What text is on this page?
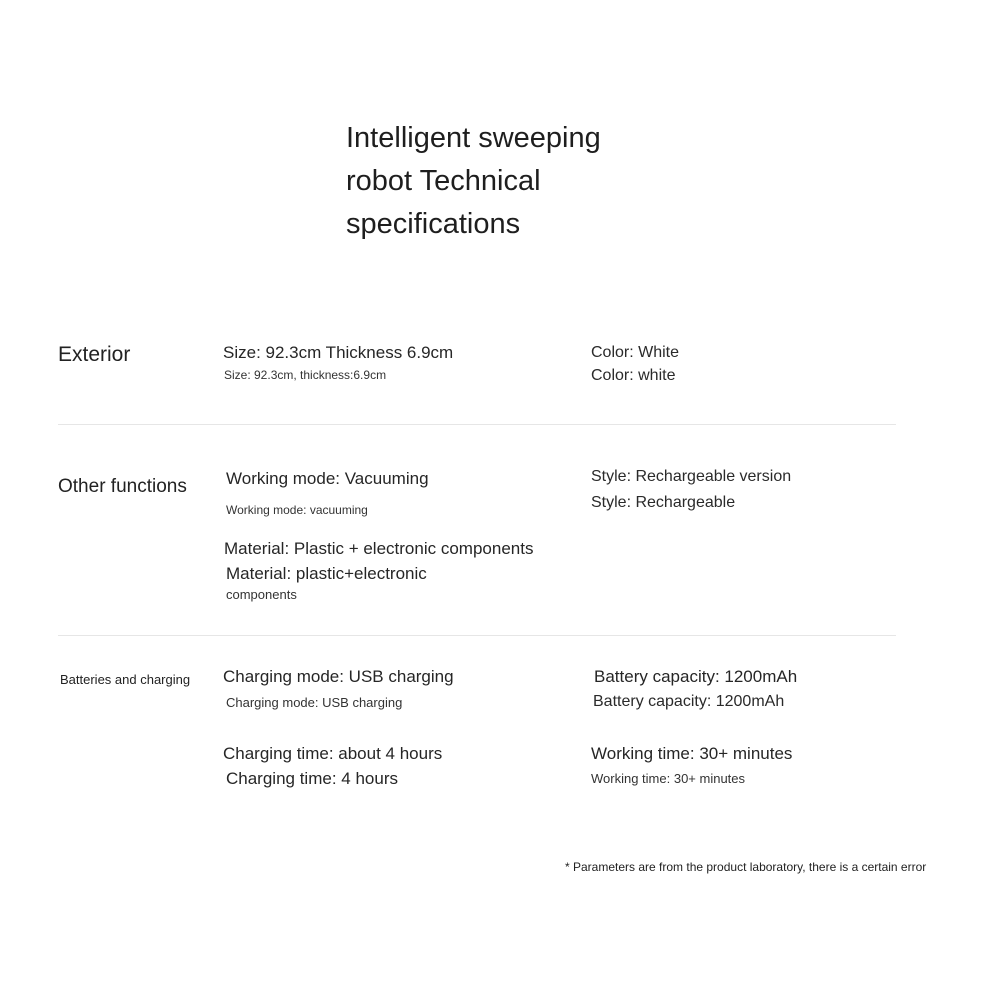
Intelligent sweeping
robot Technical
specifications
Exterior	Size: 92.3cm Thickness 6.9cm
Size: 92.3cm, thickness:6.9cm
Color: White
Color: white
Other functions Working mode: Vacuuming
Working mode: vacuuming
Material: Plastic + electronic components
Material: plastic+electronic
components
Style: Rechargeable version
Style: Rechargeable
Batteries and charging Charging mode: USB charging
Charging mode: USB charging
Charging time: about 4 hours
Charging time: 4 hours
Battery capacity: 1200mAh
Battery capacity: 1200mAh
Working time: 30+ minutes
Working time: 30+ minutes
* Parameters are from the product laboratory, there is a certain error
